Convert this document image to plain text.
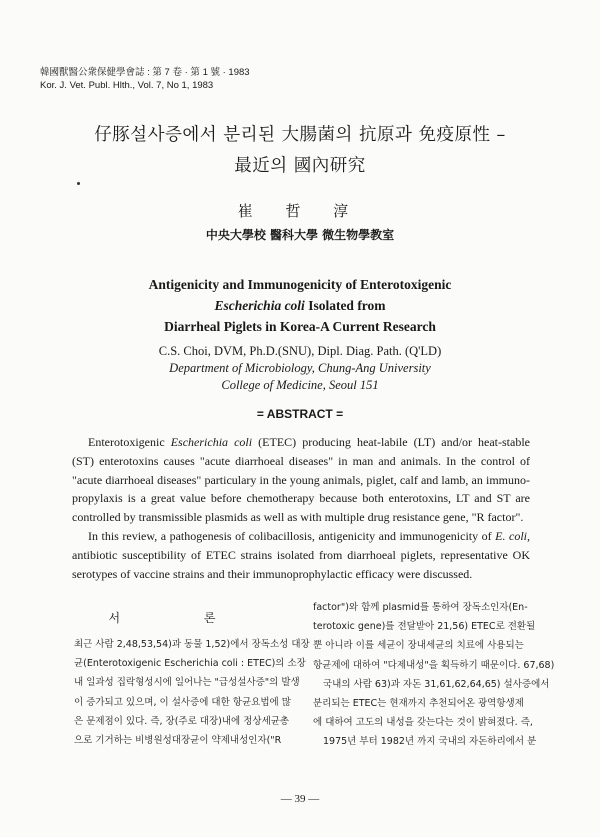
韓國獸醫公衆保健學會誌 : 第 7 卷 · 第 1 號 · 1983
Kor. J. Vet. Publ. Hlth., Vol. 7, No 1, 1983
仔豚설사증에서 분리된 大腸菌의 抗原과 免疫原性 –
最近의 國內研究
崔 哲 淳
中央大學校 醫科大學 微生物學教室
Antigenicity and Immunogenicity of Enterotoxigenic
Escherichia coli Isolated from
Diarrheal Piglets in Korea-A Current Research
C.S. Choi, DVM, Ph.D.(SNU), Dipl. Diag. Path. (Q'LD)
Department of Microbiology, Chung-Ang University
College of Medicine, Seoul 151
= ABSTRACT =

Enterotoxigenic Escherichia coli (ETEC) producing heat-labile (LT) and/or heat-stable (ST) enterotoxins causes "acute diarrhoeal diseases" in man and animals. In the control of "acute diarrhoeal diseases" particulary in the young animals, piglet, calf and lamb, an immuno-propylaxis is a great value before chemotherapy because both enterotoxins, LT and ST are controlled by transmissible plasmids as well as with multiple drug resistance gene, "R factor".

In this review, a pathogenesis of colibacillosis, antigenicity and immunogenicity of E. coli, antibiotic susceptibility of ETEC strains isolated from diarrhoeal piglets, representative OK serotypes of vaccine strains and their immunoprophylactic efficacy were discussed.

서 론

최근 사람 2,48,53,54)과 동물 1,52)에서 장독소성 대장

균(Enterotoxigenic Escherichia coli : ETEC)의 소장

내 일과성 집락형성시에 일어나는 "급성설사증"의 발생

이 증가되고 있으며, 이 설사증에 대한 항균요법에 많

은 문제점이 있다. 즉, 장(주로 대장)내에 정상세균총

으로 기거하는 비병원성대장균이 약제내성인자("R

factor")와 함께 plasmid를 통하여 장독소인자(En-

terotoxic gene)를 전달받아 21,56) ETEC로 전환될

뿐 아니라 이를 세균이 장내세균의 치료에 사용되는

항균제에 대하여 "다제내성"을 획득하기 때문이다. 67,68)

국내의 사람 63)과 자돈 31,61,62,64,65) 설사증에서

분리되는 ETEC는 현재까지 추천되어온 광역항생제

에 대하여 고도의 내성을 갖는다는 것이 밝혀졌다. 즉,

1975년 부터 1982년 까지 국내의 자돈하리에서 분

— 39 —
